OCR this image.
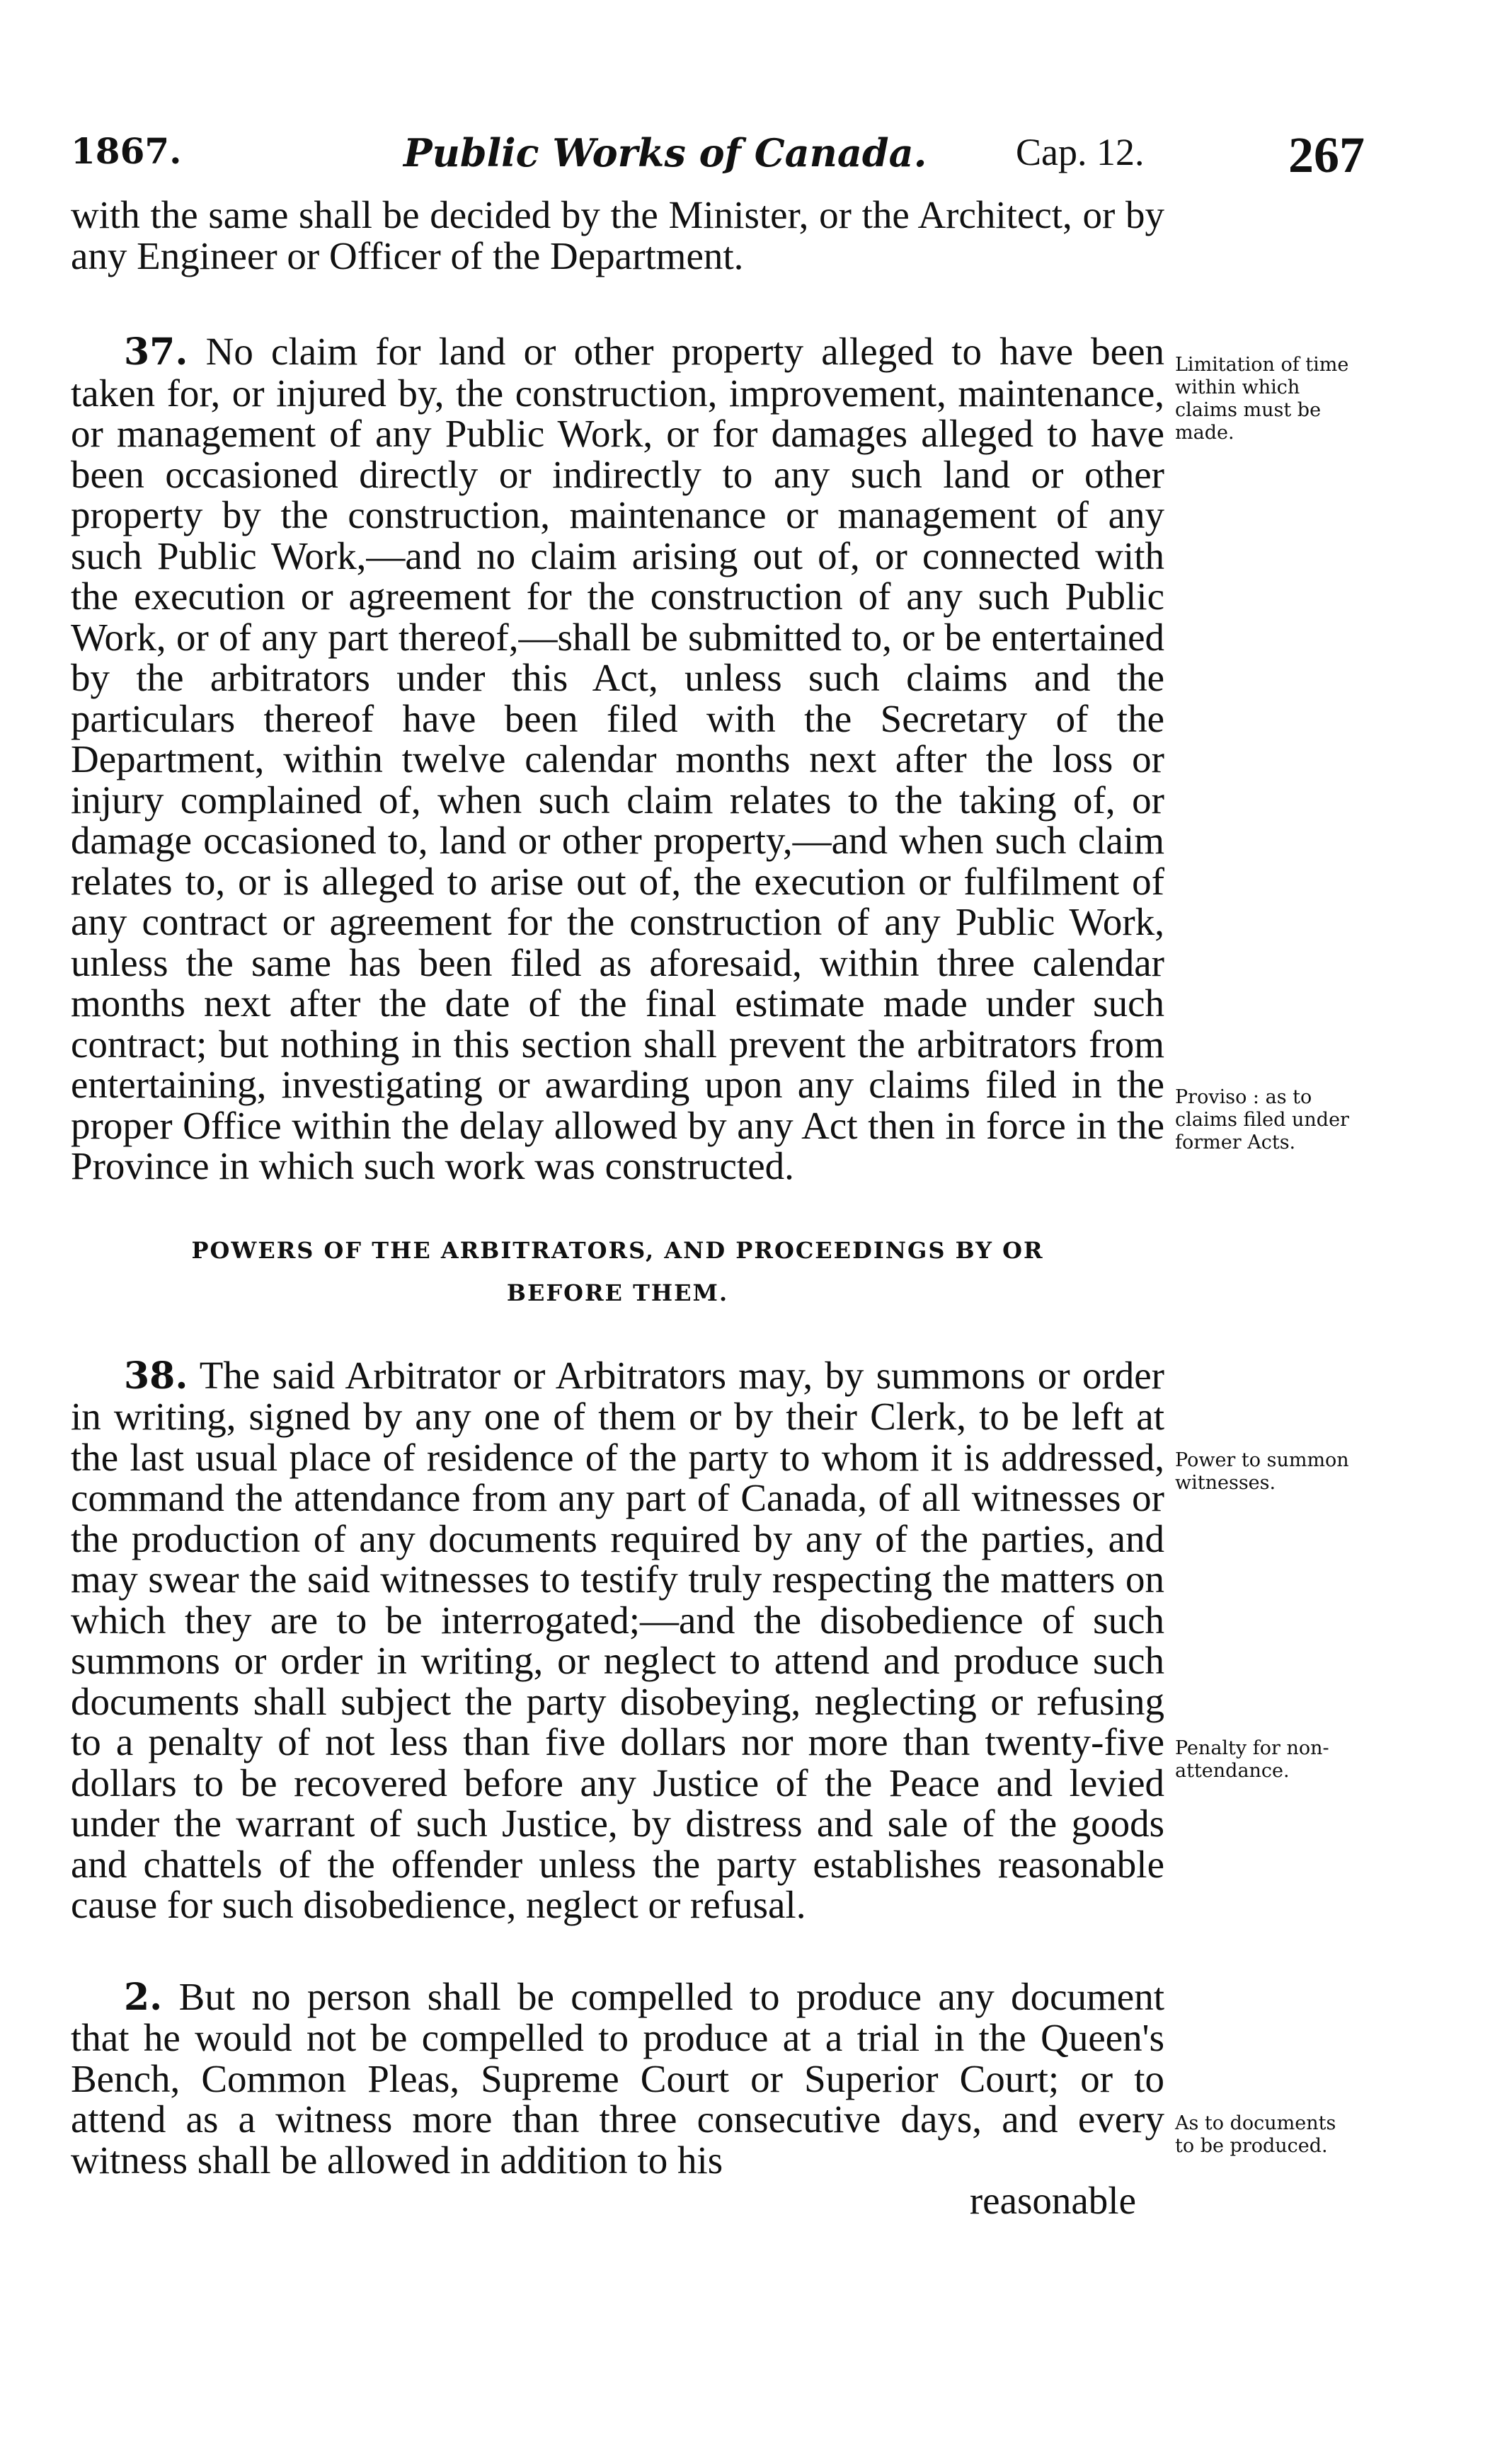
1867.	Public Works of Canada. Cap. 12.	267

with the same shall be decided by the Minister, or the Architect, or by any Engineer or Officer of the Department.

37. No claim for land or other property alleged to have been taken for, or injured by, the construction, improvement, maintenance, or management of any Public Work, or for damages alleged to have been occasioned directly or indirectly to any such land or other property by the construction, maintenance or management of any such Public Work,—and no claim arising out of, or connected with the execution or agreement for the construction of any such Public Work, or of any part thereof,—shall be submitted to, or be entertained by the arbitrators under this Act, unless such claims and the particulars thereof have been filed with the Secretary of the Department, within twelve calendar months next after the loss or injury complained of, when such claim relates to the taking of, or damage occasioned to, land or other property,—and when such claim relates to, or is alleged to arise out of, the execution or fulfilment of any contract or agreement for the construction of any Public Work, unless the same has been filed as aforesaid, within three calendar months next after the date of the final estimate made under such contract; but nothing in this section shall prevent the arbitrators from entertaining, investigating or awarding upon any claims filed in the proper Office within the delay allowed by any Act then in force in the Province in which such work was constructed.

POWERS OF THE ARBITRATORS, AND PROCEEDINGS BY OR
BEFORE THEM.

38. The said Arbitrator or Arbitrators may, by summons or order in writing, signed by any one of them or by their Clerk, to be left at the last usual place of residence of the party to whom it is addressed, command the attendance from any part of Canada, of all witnesses or the production of any documents required by any of the parties, and may swear the said witnesses to testify truly respecting the matters on which they are to be interrogated;—and the disobedience of such summons or order in writing, or neglect to attend and produce such documents shall subject the party disobeying, neglecting or refusing to a penalty of not less than five dollars nor more than twenty-five dollars to be recovered before any Justice of the Peace and levied under the warrant of such Justice, by distress and sale of the goods and chattels of the offender unless the party establishes reasonable cause for such disobedience, neglect or refusal.

2. But no person shall be compelled to produce any document that he would not be compelled to produce at a trial in the Queen's Bench, Common Pleas, Supreme Court or Superior Court; or to attend as a witness more than three consecutive days, and every witness shall be allowed in addition to his

reasonable

Limitation of time within which claims must be made.
Proviso : as to claims filed under former Acts.
Power to summon witnesses.
Penalty for non-attendance.
As to documents to be produced.
